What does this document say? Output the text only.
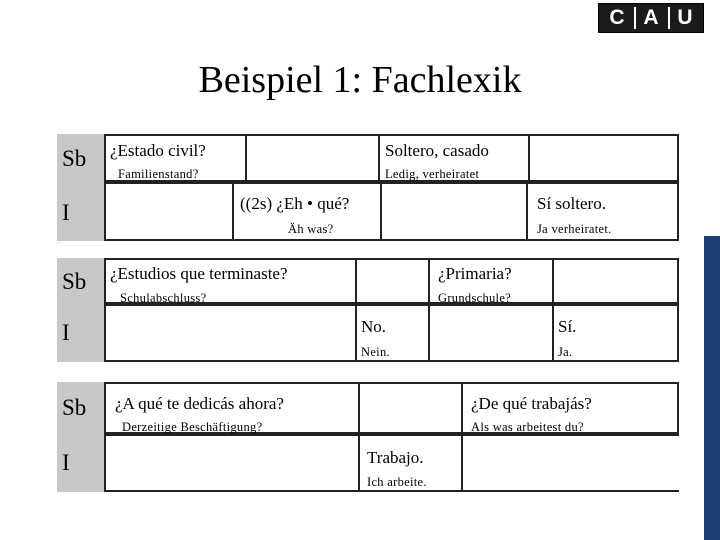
C A U
Beispiel 1: Fachlexik
Sb
I
¿Estado civil?
Familienstand?
Soltero, casado
Ledig, verheiratet
((2s) ¿Eh • qué?
Äh was?
Sí soltero.
Ja verheiratet.
Sb
I
¿Estudios que terminaste?
Schulabschluss?
¿Primaria?
Grundschule?
No.
Nein.
Sí.
Ja.
Sb
I
¿A qué te dedicás ahora?
Derzeitige Beschäftigung?
¿De qué trabajás?
Als was arbeitest du?
Trabajo.
Ich arbeite.
